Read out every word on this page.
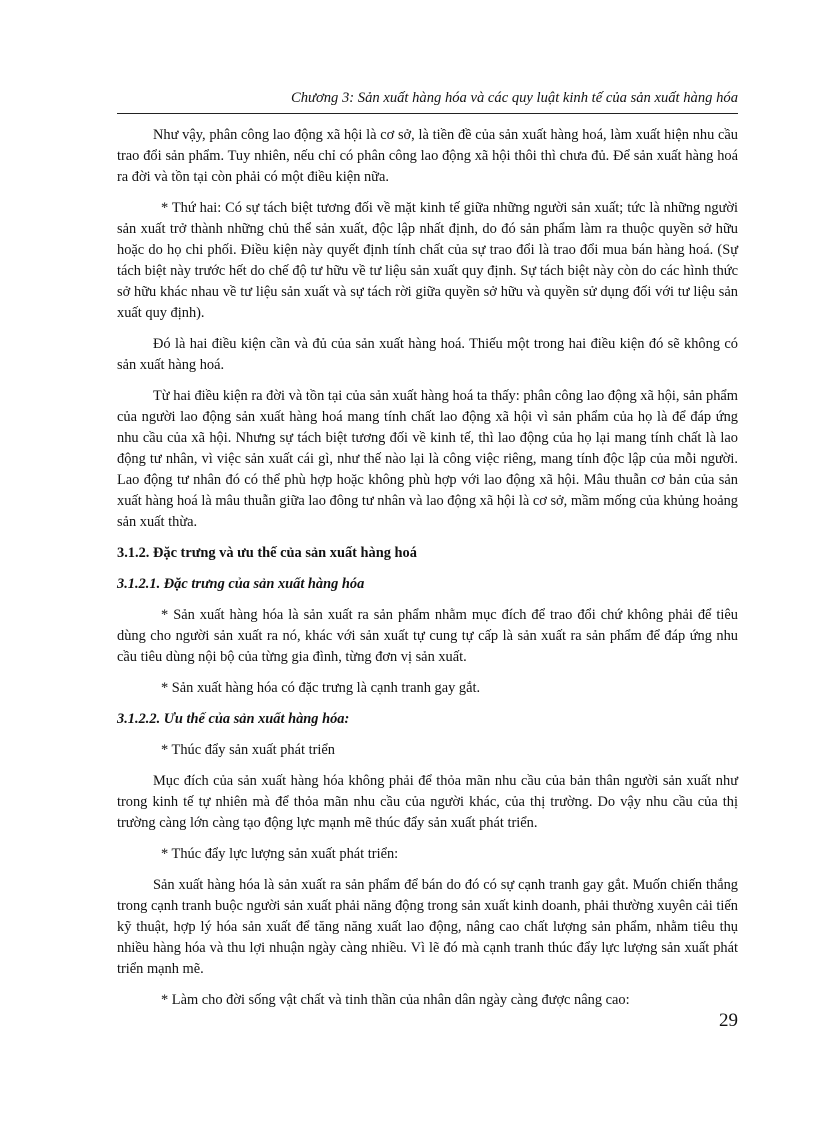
Chương 3: Sản xuất hàng hóa và các quy luật kinh tế của sản xuất hàng hóa

Như vậy, phân công lao động xã hội là cơ sở, là tiền đề của sản xuất hàng hoá, làm xuất hiện nhu cầu trao đổi sản phẩm. Tuy nhiên, nếu chỉ có phân công lao động xã hội thôi thì chưa đủ. Để sản xuất hàng hoá ra đời và tồn tại còn phải có một điều kiện nữa.

* Thứ hai: Có sự tách biệt tương đối về mặt kinh tế giữa những người sản xuất; tức là những người sản xuất trở thành những chủ thể sản xuất, độc lập nhất định, do đó sản phẩm làm ra thuộc quyền sở hữu hoặc do họ chi phối. Điều kiện này quyết định tính chất của sự trao đổi là trao đổi mua bán hàng hoá. (Sự tách biệt này trước hết do chế độ tư hữu về tư liệu sản xuất quy định. Sự tách biệt này còn do các hình thức sở hữu khác nhau về tư liệu sản xuất và sự tách rời giữa quyền sở hữu và quyền sử dụng đối với tư liệu sản xuất quy định).

Đó là hai điều kiện cần và đủ của sản xuất hàng hoá. Thiếu một trong hai điều kiện đó sẽ không có sản xuất hàng hoá.

Từ hai điều kiện ra đời và tồn tại của sản xuất hàng hoá ta thấy: phân công lao động xã hội, sản phẩm của người lao động sản xuất hàng hoá mang tính chất lao động xã hội vì sản phẩm của họ là để đáp ứng nhu cầu của xã hội. Nhưng sự tách biệt tương đối về kinh tế, thì lao động của họ lại mang tính chất là lao động tư nhân, vì việc sản xuất cái gì, như thế nào lại là công việc riêng, mang tính độc lập của mỗi người. Lao động tư nhân đó có thể phù hợp hoặc không phù hợp với lao động xã hội. Mâu thuẫn cơ bản của sản xuất hàng hoá là mâu thuẫn giữa lao đông tư nhân và lao động xã hội là cơ sở, mầm mống của khủng hoảng sản xuất thừa.

3.1.2. Đặc trưng và ưu thế của sản xuất hàng hoá
3.1.2.1. Đặc trưng của sản xuất hàng hóa

* Sản xuất hàng hóa là sản xuất ra sản phẩm nhằm mục đích để trao đổi chứ không phải để tiêu dùng cho người sản xuất ra nó, khác với sản xuất tự cung tự cấp là sản xuất ra sản phẩm để đáp ứng nhu cầu tiêu dùng nội bộ của từng gia đình, từng đơn vị sản xuất.

* Sản xuất hàng hóa có đặc trưng là cạnh tranh gay gắt.

3.1.2.2. Ưu thế của sản xuất hàng hóa:

* Thúc đẩy sản xuất phát triển

Mục đích của sản xuất hàng hóa không phải để thỏa mãn nhu cầu của bản thân người sản xuất như trong kinh tế tự nhiên mà để thỏa mãn nhu cầu của người khác, của thị trường. Do vậy nhu cầu của thị trường càng lớn càng tạo động lực mạnh mẽ thúc đẩy sản xuất phát triển.

* Thúc đẩy lực lượng sản xuất phát triển:

Sản xuất hàng hóa là sản xuất ra sản phẩm để bán do đó có sự cạnh tranh gay gắt. Muốn chiến thắng trong cạnh tranh buộc người sản xuất phải năng động trong sản xuất kinh doanh, phải thường xuyên cải tiến kỹ thuật, hợp lý hóa sản xuất để tăng năng xuất lao động, nâng cao chất lượng sản phẩm, nhằm tiêu thụ nhiều hàng hóa và thu lợi nhuận ngày càng nhiều. Vì lẽ đó mà cạnh tranh thúc đẩy lực lượng sản xuất phát triển mạnh mẽ.

* Làm cho đời sống vật chất và tinh thần của nhân dân ngày càng được nâng cao:

29
